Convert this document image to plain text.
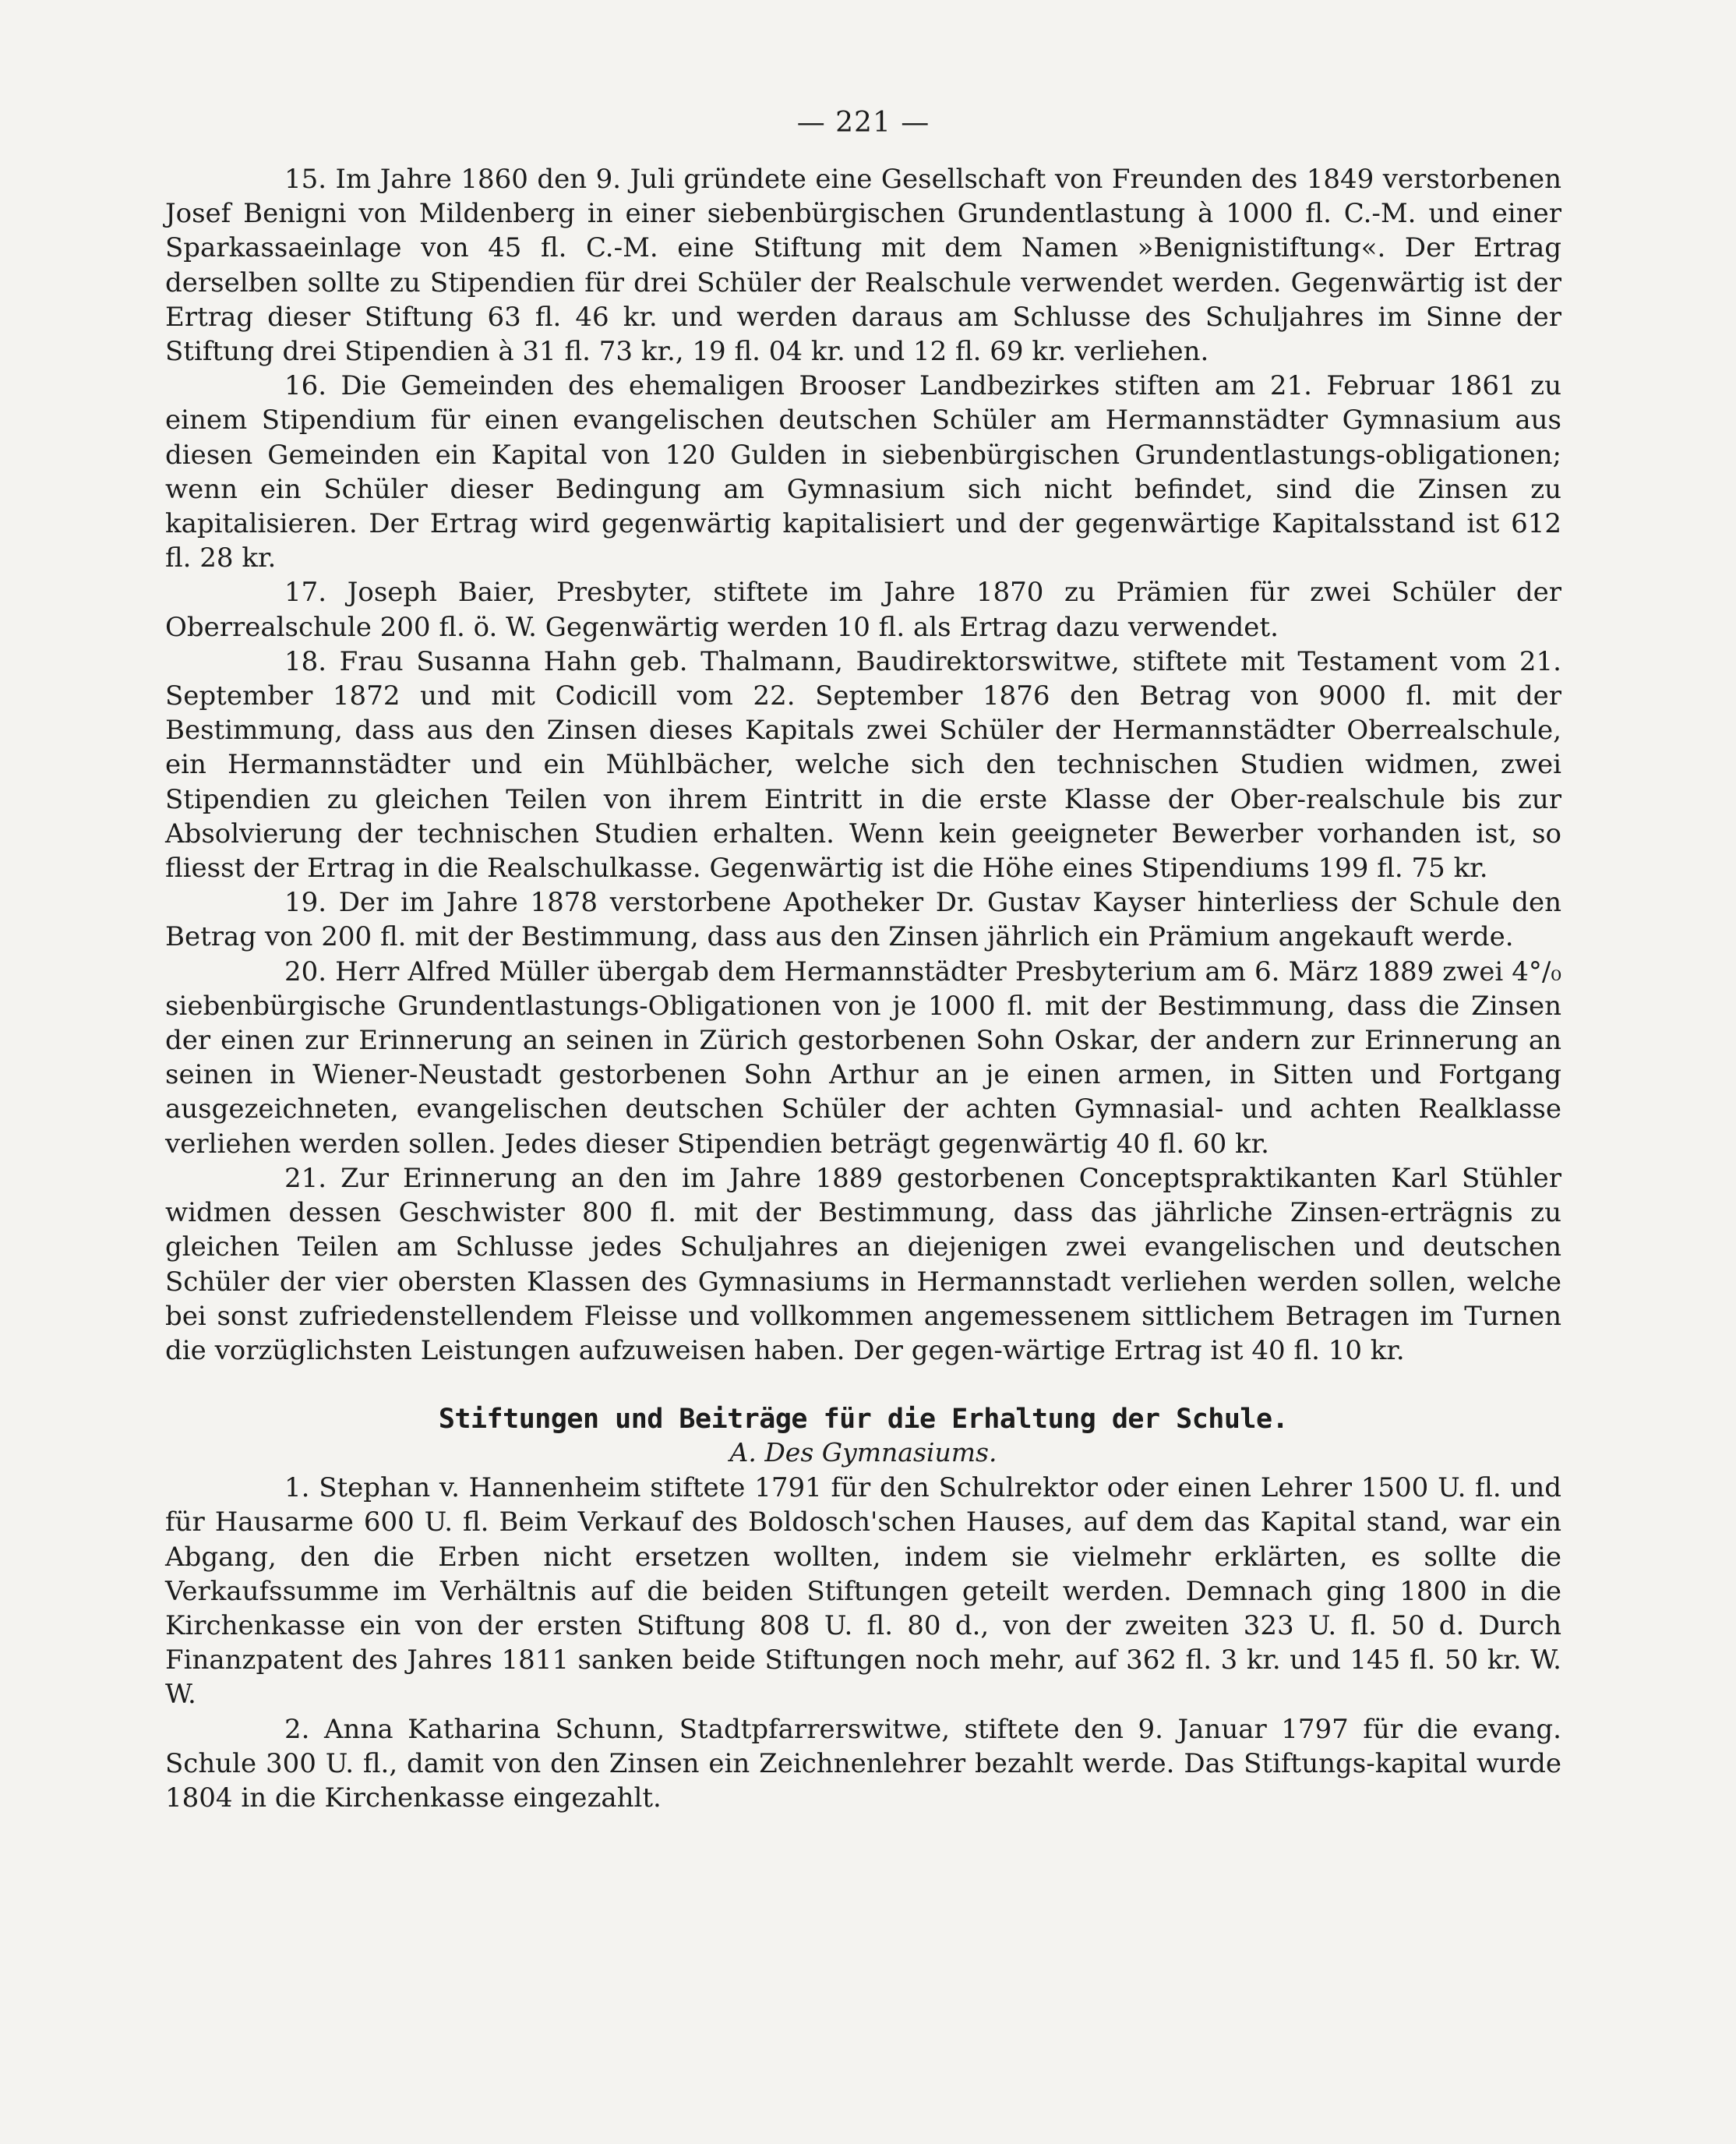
— 221 —

15. Im Jahre 1860 den 9. Juli gründete eine Gesellschaft von Freunden des 1849 verstorbenen Josef Benigni von Mildenberg in einer siebenbürgischen Grundentlastung à 1000 fl. C.-M. und einer Sparkassaeinlage von 45 fl. C.-M. eine Stiftung mit dem Namen »Benignistiftung«. Der Ertrag derselben sollte zu Stipendien für drei Schüler der Realschule verwendet werden. Gegenwärtig ist der Ertrag dieser Stiftung 63 fl. 46 kr. und werden daraus am Schlusse des Schuljahres im Sinne der Stiftung drei Stipendien à 31 fl. 73 kr., 19 fl. 04 kr. und 12 fl. 69 kr. verliehen.

16. Die Gemeinden des ehemaligen Brooser Landbezirkes stiften am 21. Februar 1861 zu einem Stipendium für einen evangelischen deutschen Schüler am Hermannstädter Gymnasium aus diesen Gemeinden ein Kapital von 120 Gulden in siebenbürgischen Grundentlastungs-obligationen; wenn ein Schüler dieser Bedingung am Gymnasium sich nicht befindet, sind die Zinsen zu kapitalisieren. Der Ertrag wird gegenwärtig kapitalisiert und der gegenwärtige Kapitalsstand ist 612 fl. 28 kr.

17. Joseph Baier, Presbyter, stiftete im Jahre 1870 zu Prämien für zwei Schüler der Oberrealschule 200 fl. ö. W. Gegenwärtig werden 10 fl. als Ertrag dazu verwendet.

18. Frau Susanna Hahn geb. Thalmann, Baudirektorswitwe, stiftete mit Testament vom 21. September 1872 und mit Codicill vom 22. September 1876 den Betrag von 9000 fl. mit der Bestimmung, dass aus den Zinsen dieses Kapitals zwei Schüler der Hermannstädter Oberrealschule, ein Hermannstädter und ein Mühlbächer, welche sich den technischen Studien widmen, zwei Stipendien zu gleichen Teilen von ihrem Eintritt in die erste Klasse der Ober-realschule bis zur Absolvierung der technischen Studien erhalten. Wenn kein geeigneter Bewerber vorhanden ist, so fliesst der Ertrag in die Realschulkasse. Gegenwärtig ist die Höhe eines Stipendiums 199 fl. 75 kr.

19. Der im Jahre 1878 verstorbene Apotheker Dr. Gustav Kayser hinterliess der Schule den Betrag von 200 fl. mit der Bestimmung, dass aus den Zinsen jährlich ein Prämium angekauft werde.

20. Herr Alfred Müller übergab dem Hermannstädter Presbyterium am 6. März 1889 zwei 4°/₀ siebenbürgische Grundentlastungs-Obligationen von je 1000 fl. mit der Bestimmung, dass die Zinsen der einen zur Erinnerung an seinen in Zürich gestorbenen Sohn Oskar, der andern zur Erinnerung an seinen in Wiener-Neustadt gestorbenen Sohn Arthur an je einen armen, in Sitten und Fortgang ausgezeichneten, evangelischen deutschen Schüler der achten Gymnasial- und achten Realklasse verliehen werden sollen. Jedes dieser Stipendien beträgt gegenwärtig 40 fl. 60 kr.

21. Zur Erinnerung an den im Jahre 1889 gestorbenen Conceptspraktikanten Karl Stühler widmen dessen Geschwister 800 fl. mit der Bestimmung, dass das jährliche Zinsen-erträgnis zu gleichen Teilen am Schlusse jedes Schuljahres an diejenigen zwei evangelischen und deutschen Schüler der vier obersten Klassen des Gymnasiums in Hermannstadt verliehen werden sollen, welche bei sonst zufriedenstellendem Fleisse und vollkommen angemessenem sittlichem Betragen im Turnen die vorzüglichsten Leistungen aufzuweisen haben. Der gegen-wärtige Ertrag ist 40 fl. 10 kr.

Stiftungen und Beiträge für die Erhaltung der Schule.
A. Des Gymnasiums.

1. Stephan v. Hannenheim stiftete 1791 für den Schulrektor oder einen Lehrer 1500 U. fl. und für Hausarme 600 U. fl. Beim Verkauf des Boldosch'schen Hauses, auf dem das Kapital stand, war ein Abgang, den die Erben nicht ersetzen wollten, indem sie vielmehr erklärten, es sollte die Verkaufssumme im Verhältnis auf die beiden Stiftungen geteilt werden. Demnach ging 1800 in die Kirchenkasse ein von der ersten Stiftung 808 U. fl. 80 d., von der zweiten 323 U. fl. 50 d. Durch Finanzpatent des Jahres 1811 sanken beide Stiftungen noch mehr, auf 362 fl. 3 kr. und 145 fl. 50 kr. W. W.

2. Anna Katharina Schunn, Stadtpfarrerswitwe, stiftete den 9. Januar 1797 für die evang. Schule 300 U. fl., damit von den Zinsen ein Zeichnenlehrer bezahlt werde. Das Stiftungs-kapital wurde 1804 in die Kirchenkasse eingezahlt.
